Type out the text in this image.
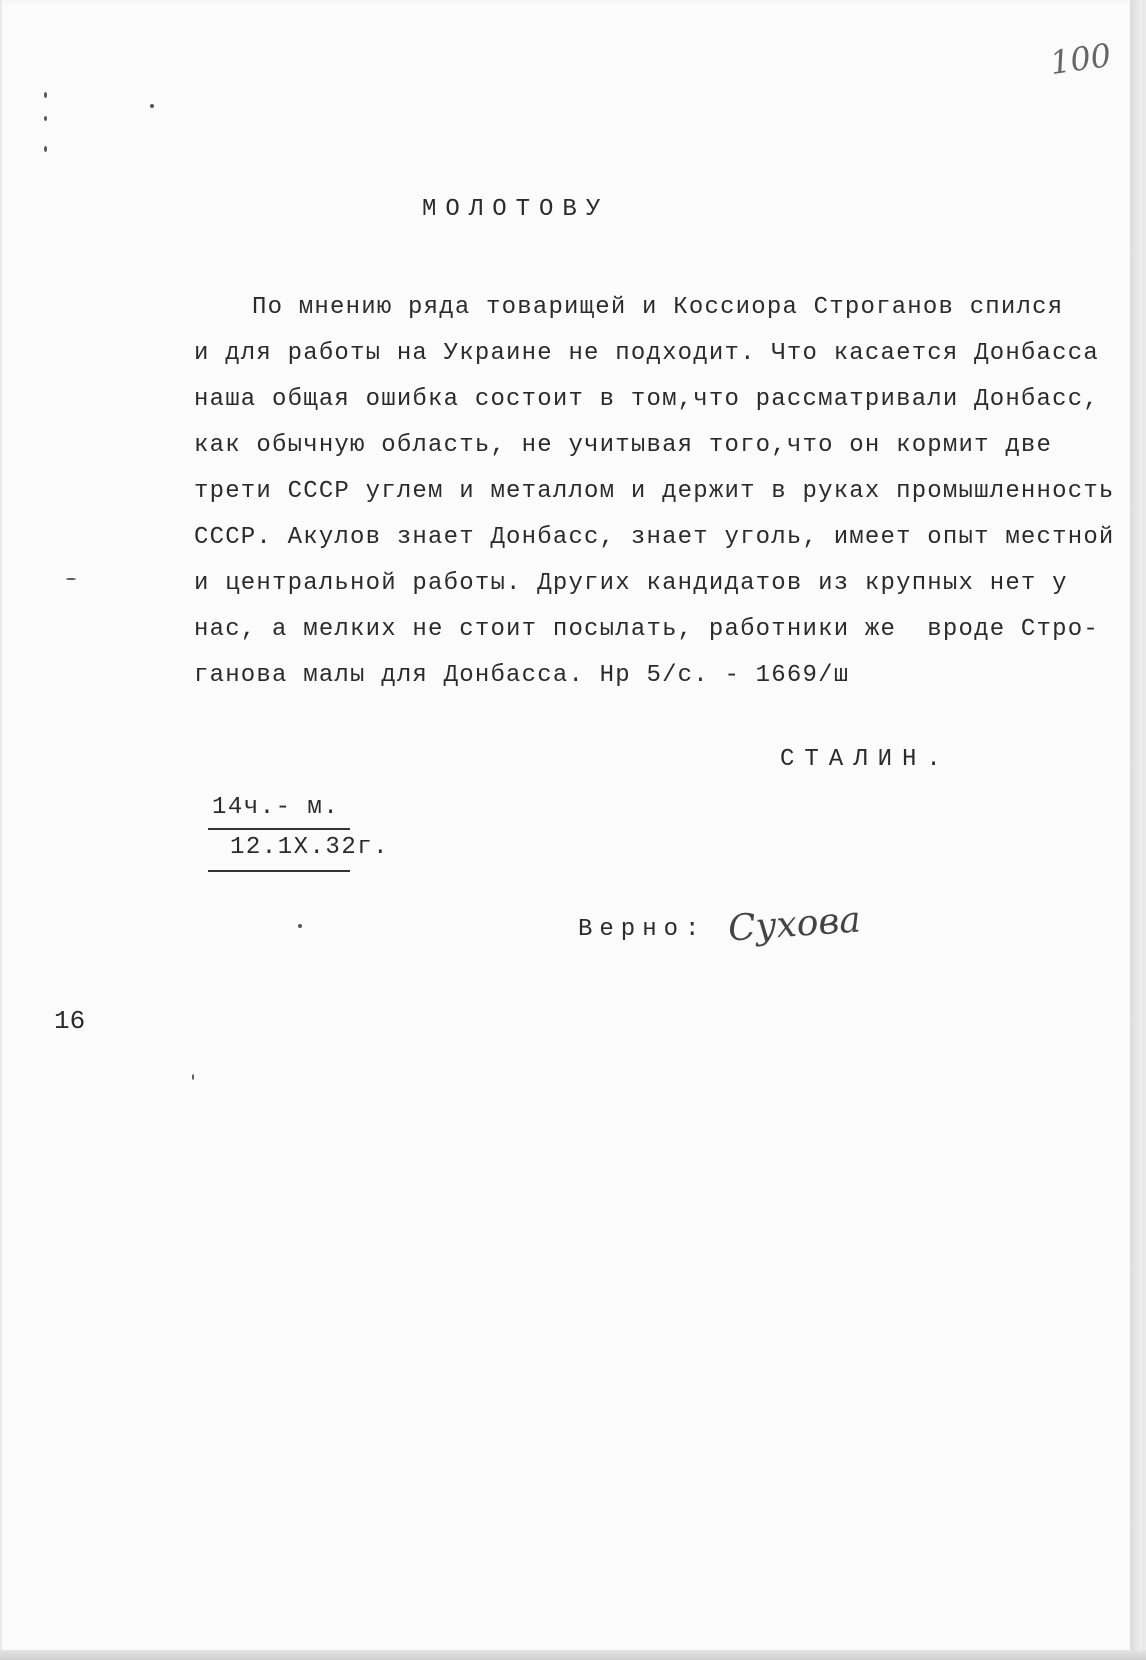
100
МОЛОТОВУ
По мнению ряда товарищей и Коссиора Строганов спился
и для работы на Украине не подходит. Что касается Донбасса
наша общая ошибка состоит в том,что рассматривали Донбасс,
как обычную область, не учитывая того,что он кормит две
трети СССР углем и металлом и держит в руках промышленность
СССР. Акулов знает Донбасс, знает уголь, имеет опыт местной
и центральной работы. Других кандидатов из крупных нет у
нас, а мелких не стоит посылать, работники же  вроде Стро-
ганова малы для Донбасса. Нр 5/с. - 1669/ш
СТАЛИН.
14ч.- м.
12.1Х.32г.
Верно: Сухова
16
